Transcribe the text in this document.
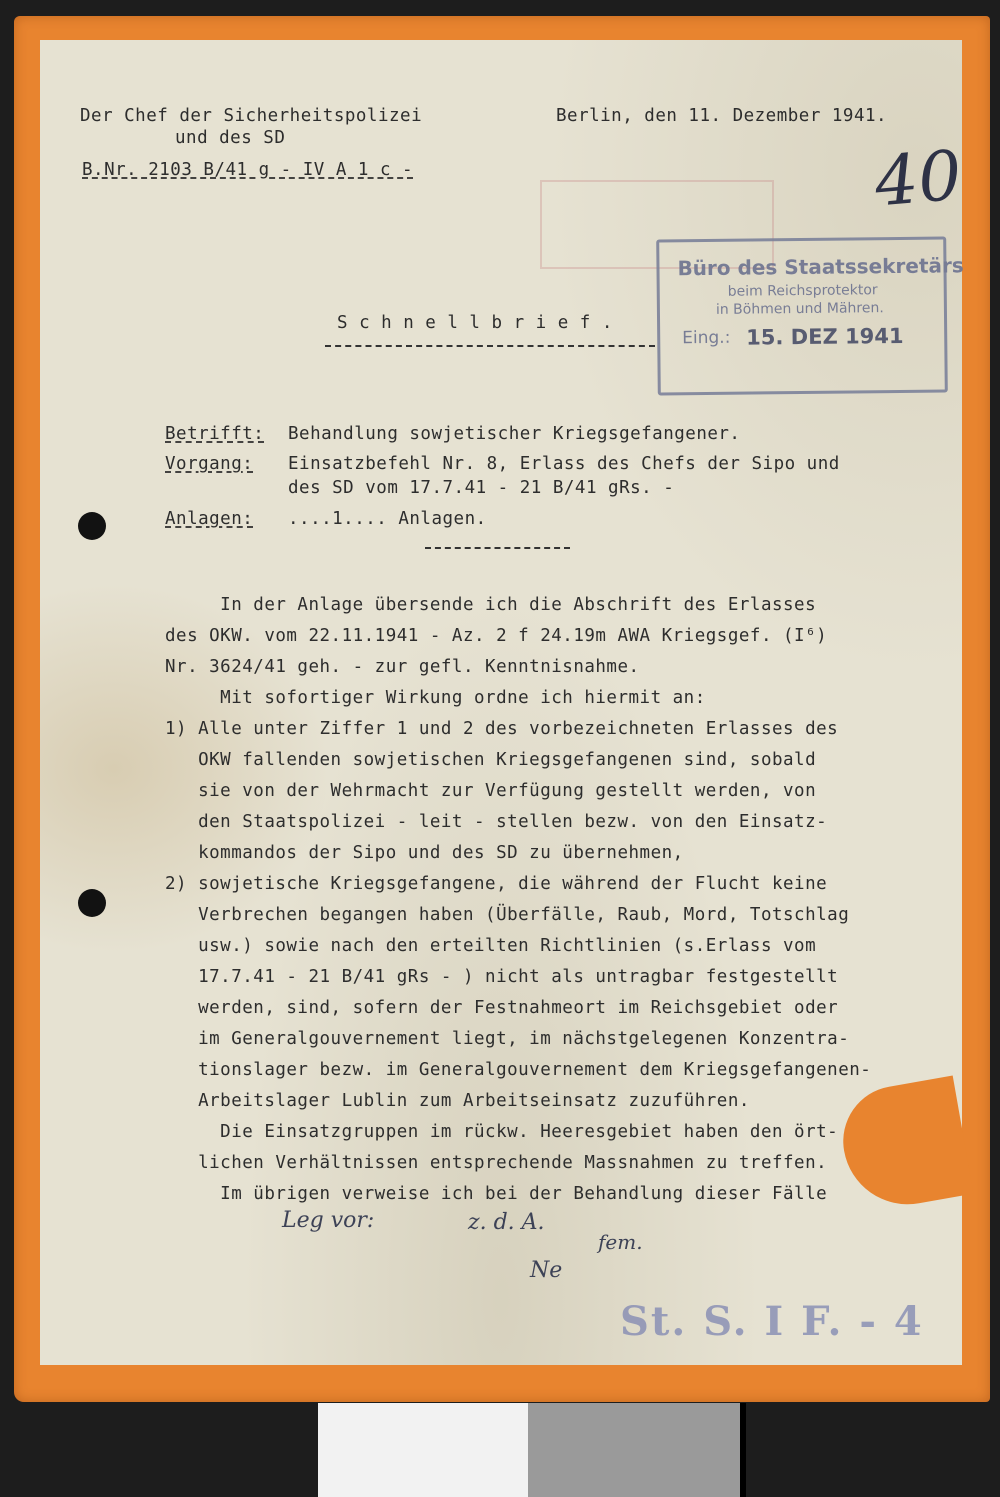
Der Chef der Sicherheitspolizei
und des SD
Berlin, den 11. Dezember 1941.
B.Nr. 2103 B/41 g - IV A 1 c -	40
Büro des Staatssekretärs
beim Reichsprotektor
in Böhmen und Mähren.
Eing.: 15. DEZ 1941
S c h n e l l b r i e f .
Betrifft: Behandlung sowjetischer Kriegsgefangener.
Vorgang: Einsatzbefehl Nr. 8, Erlass des Chefs der Sipo und
des SD vom 17.7.41 - 21 B/41 gRs. -
Anlagen: ....1.... Anlagen.
In der Anlage übersende ich die Abschrift des Erlasses
des OKW. vom 22.11.1941 - Az. 2 f 24.19m AWA Kriegsgef. (I⁶)
Nr. 3624/41 geh. - zur gefl. Kenntnisnahme.
Mit sofortiger Wirkung ordne ich hiermit an:
1) Alle unter Ziffer 1 und 2 des vorbezeichneten Erlasses des
OKW fallenden sowjetischen Kriegsgefangenen sind, sobald
sie von der Wehrmacht zur Verfügung gestellt werden, von
den Staatspolizei - leit - stellen bezw. von den Einsatz-
kommandos der Sipo und des SD zu übernehmen,
2) sowjetische Kriegsgefangene, die während der Flucht keine
Verbrechen begangen haben (Überfälle, Raub, Mord, Totschlag
usw.) sowie nach den erteilten Richtlinien (s.Erlass vom
17.7.41 - 21 B/41 gRs - ) nicht als untragbar festgestellt
werden, sind, sofern der Festnahmeort im Reichsgebiet oder
im Generalgouvernement liegt, im nächstgelegenen Konzentra-
tionslager bezw. im Generalgouvernement dem Kriegsgefangenen-
Arbeitslager Lublin zum Arbeitseinsatz zuzuführen.
Die Einsatzgruppen im rückw. Heeresgebiet haben den ört-
lichen Verhältnissen entsprechende Massnahmen zu treffen.
Im übrigen verweise ich bei der Behandlung dieser Fälle
Leg vor:	z. d. A.
fem.
Ne
St. S. I F. - 4
